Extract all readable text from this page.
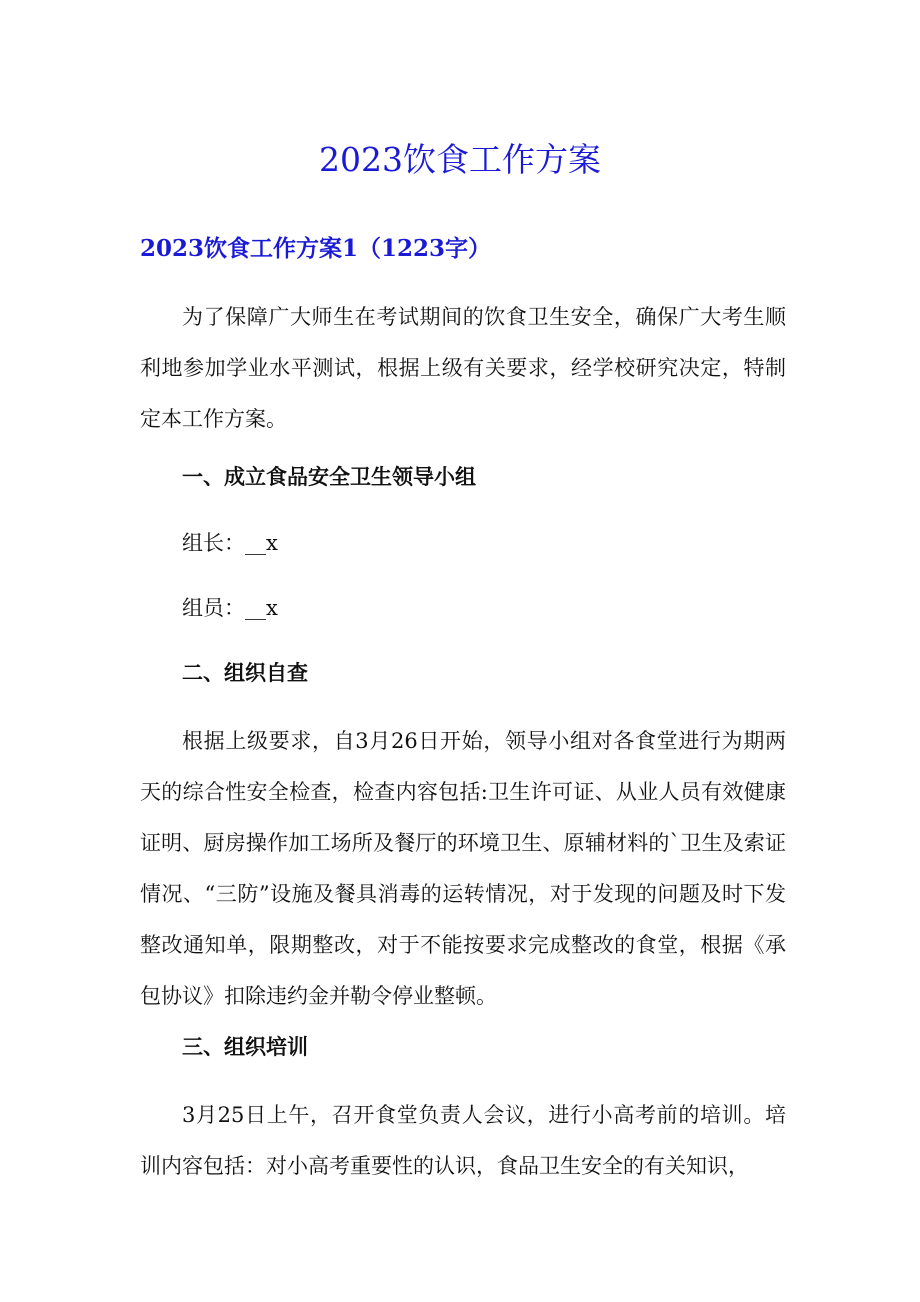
2023饮食工作方案
2023饮食工作方案1（1223字）

为了保障广大师生在考试期间的饮食卫生安全，确保广大考生顺利地参加学业水平测试，根据上级有关要求，经学校研究决定，特制定本工作方案。

一、成立食品安全卫生领导小组
组长：__x
组员：__x
二、组织自查

根据上级要求，自3月26日开始，领导小组对各食堂进行为期两天的综合性安全检查，检查内容包括:卫生许可证、从业人员有效健康证明、厨房操作加工场所及餐厅的环境卫生、原辅材料的`卫生及索证情况、“三防”设施及餐具消毒的运转情况，对于发现的问题及时下发整改通知单，限期整改，对于不能按要求完成整改的食堂，根据《承包协议》扣除违约金并勒令停业整顿。

三、组织培训

3月25日上午，召开食堂负责人会议，进行小高考前的培训。培训内容包括：对小高考重要性的认识，食品卫生安全的有关知识，
